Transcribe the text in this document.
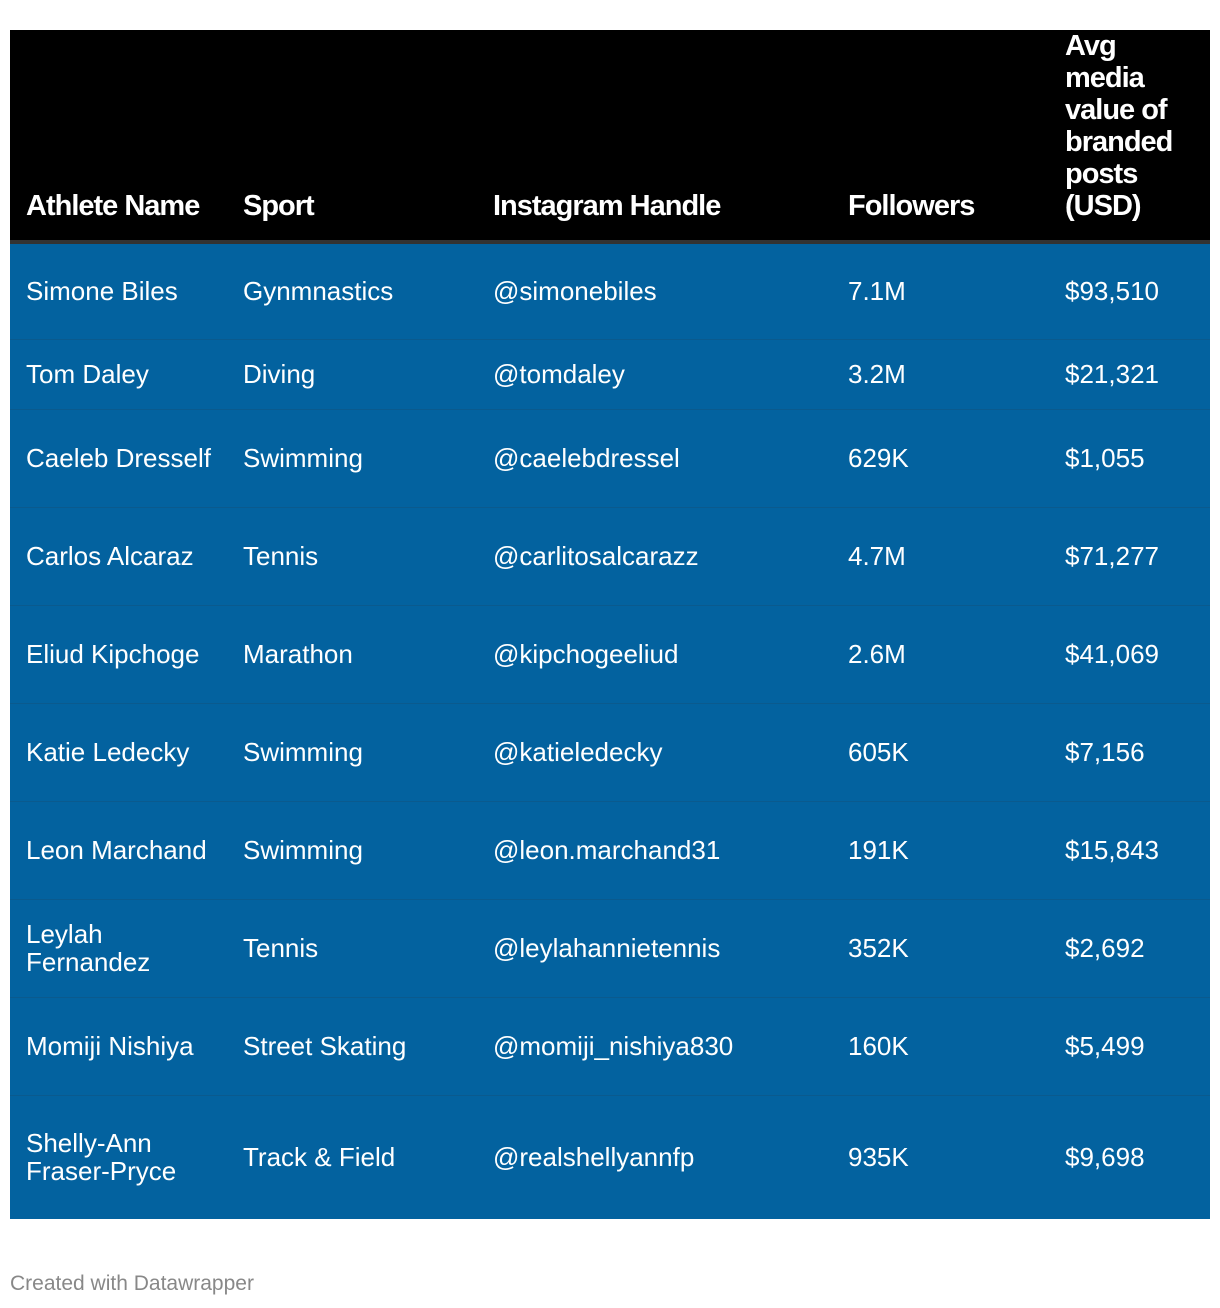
Athlete Name	Sport	Instagram Handle	Followers	Avg media value of branded posts (USD)
Simone Biles	Gynmnastics	@simonebiles	7.1M	$93,510
Tom Daley	Diving	@tomdaley	3.2M	$21,321
Caeleb Dresself	Swimming	@caelebdressel	629K	$1,055
Carlos Alcaraz	Tennis	@carlitosalcarazz	4.7M	$71,277
Eliud Kipchoge	Marathon	@kipchogeeliud	2.6M	$41,069
Katie Ledecky	Swimming	@katieledecky	605K	$7,156
Leon Marchand	Swimming	@leon.marchand31	191K	$15,843
Leylah Fernandez	Tennis	@leylahannietennis	352K	$2,692
Momiji Nishiya	Street Skating	@momiji_nishiya830	160K	$5,499
Shelly-Ann Fraser-Pryce	Track & Field	@realshellyannfp	935K	$9,698
Created with Datawrapper
